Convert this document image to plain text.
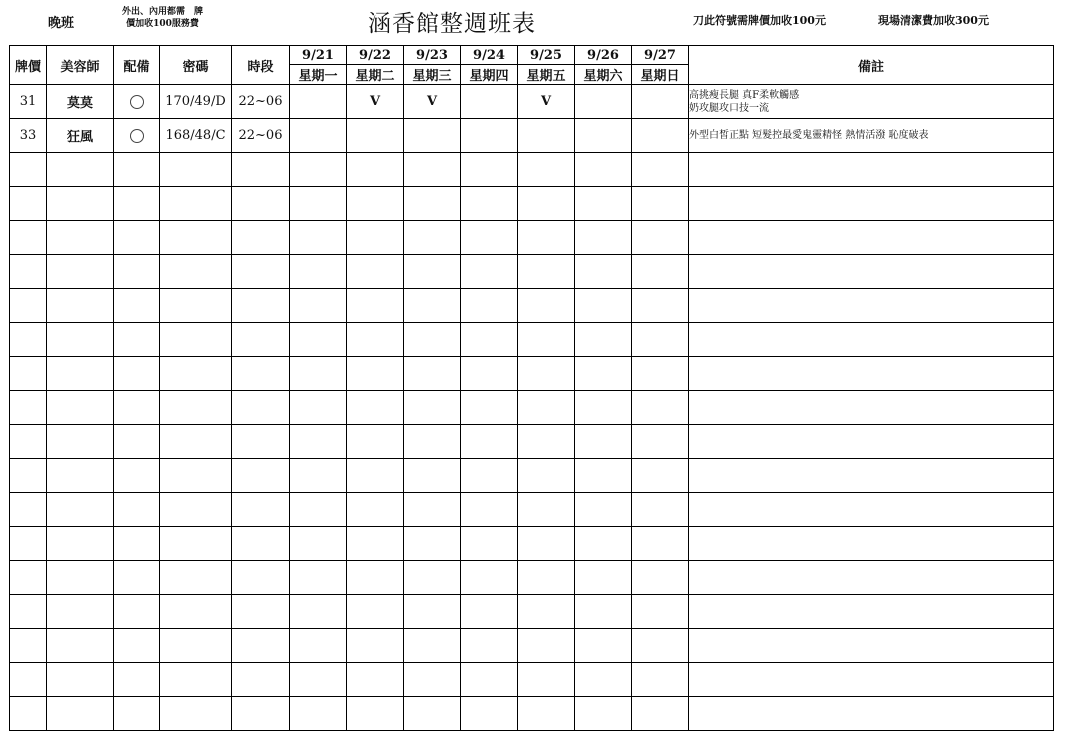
晚班
外出、內用都需　牌
價加收100服務費	涵香館整週班表	刀此符號需牌價加收100元	現場清潔費加收300元
牌價	美容師	配備	密碼	時段	9/21	9/22	9/23	9/24	9/25	9/26	9/27	備註
					星期一	星期二	星期三	星期四	星期五	星期六	星期日	
31	莫莫		170/49/D	22~06		V	V		V			高挑瘦長腿 真F柔軟觸感
奶攻腿攻口技一流

33	狂風		168/48/C	22~06								外型白皙正點 短髮控最愛鬼靈精怪 熱情活潑 恥度破表
